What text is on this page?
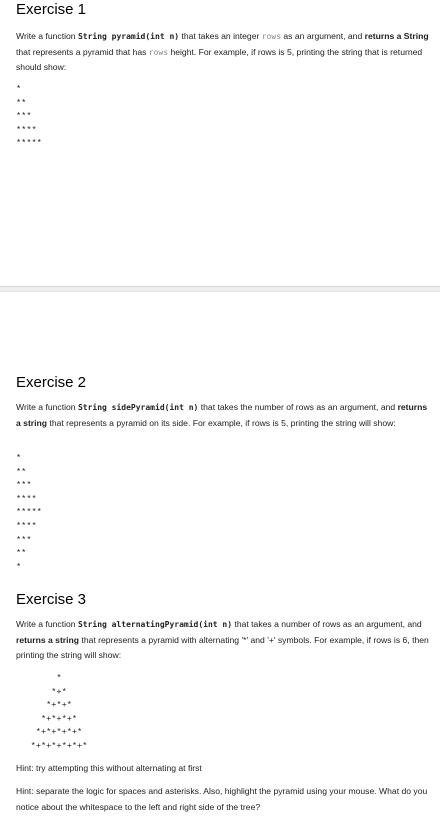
Exercise 1

Write a function String pyramid(int n) that takes an integer rows as an argument, and returns a String that represents a pyramid that has rows height. For example, if rows is 5, printing the string that is returned should show:

*
**
***
****
*****
Exercise 2

Write a function String sidePyramid(int n) that takes the number of rows as an argument, and returns a string that represents a pyramid on its side. For example, if rows is 5, printing the string will show:

*
**
***
****
*****
****
***
**
*
Exercise 3

Write a function String alternatingPyramid(int n) that takes a number of rows as an argument, and returns a string that represents a pyramid with alternating '*' and '+' symbols. For example, if rows is 6, then printing the string will show:

*
*+*
*+*+*
*+*+*+*
*+*+*+*+*
*+*+*+*+*+*

Hint: try attempting this without alternating at first

Hint: separate the logic for spaces and asterisks. Also, highlight the pyramid using your mouse. What do you notice about the whitespace to the left and right side of the tree?
